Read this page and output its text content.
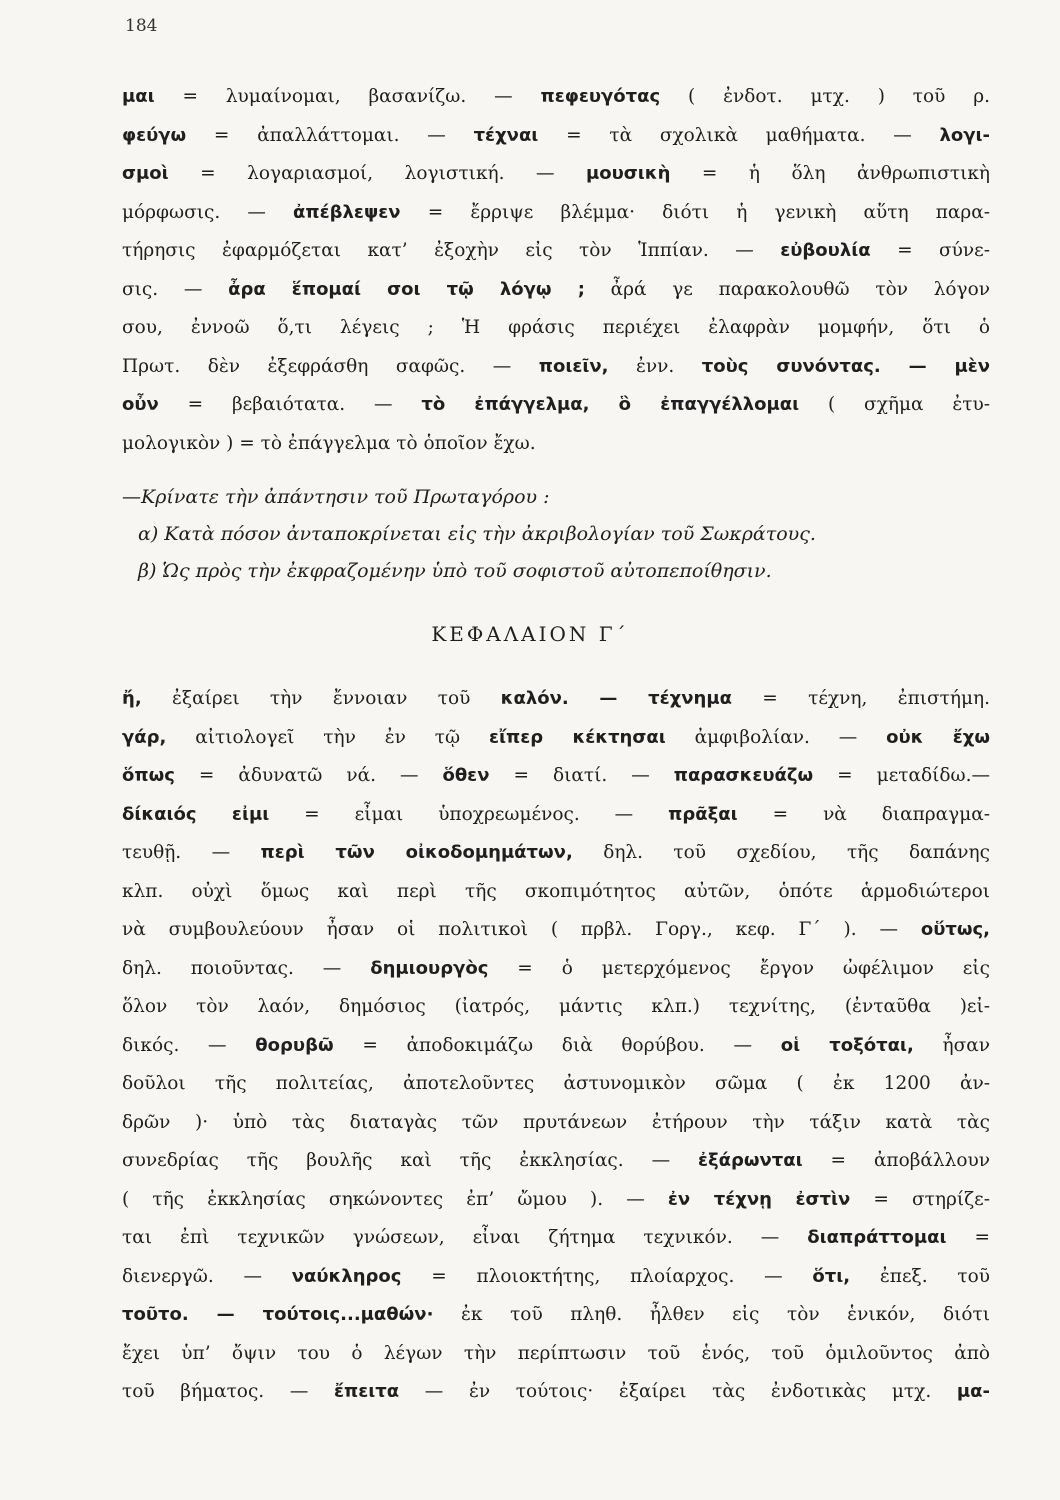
184
μαι = λυμαίνομαι, βασανίζω. — πεφευγότας ( ἐνδοτ. μτχ. ) τοῦ ρ.
φεύγω = ἀπαλλάττομαι. — τέχναι = τὰ σχολικὰ μαθήματα. — λογι-
σμοὶ = λογαριασμοί, λογιστική. — μουσικὴ = ἡ ὅλη ἀνθρωπιστικὴ
μόρφωσις. — ἀπέβλεψεν = ἔρριψε βλέμμα· διότι ἡ γενικὴ αὕτη παρα-
τήρησις ἐφαρμόζεται κατ’ ἐξοχὴν εἰς τὸν Ἱππίαν. — εὐβουλία = σύνε-
σις. — ἆρα ἕπομαί σοι τῷ λόγῳ ; ἆρά γε παρακολουθῶ τὸν λόγον
σου, ἐννοῶ ὅ,τι λέγεις ; Ἡ φράσις περιέχει ἐλαφρὰν μομφήν, ὅτι ὁ
Πρωτ. δὲν ἐξεφράσθη σαφῶς. — ποιεῖν, ἐνν. τοὺς συνόντας. — μὲν
οὖν = βεβαιότατα. — τὸ ἐπάγγελμα, ὃ ἐπαγγέλλομαι ( σχῆμα ἐτυ-
μολογικὸν ) = τὸ ἐπάγγελμα τὸ ὁποῖον ἔχω.
—Κρίνατε τὴν ἀπάντησιν τοῦ Πρωταγόρου :
α) Κατὰ πόσον ἀνταποκρίνεται εἰς τὴν ἀκριβολογίαν τοῦ Σωκράτους.
β) Ὡς πρὸς τὴν ἐκφραζομένην ὑπὸ τοῦ σοφιστοῦ αὐτοπεποίθησιν.
ΚΕΦΑΛΑΙΟΝ Γ΄
ἤ, ἐξαίρει τὴν ἔννοιαν τοῦ καλόν. — τέχνημα = τέχνη, ἐπιστήμη.
γάρ, αἰτιολογεῖ τὴν ἐν τῷ εἴπερ κέκτησαι ἀμφιβολίαν. — οὐκ ἔχω
ὅπως = ἀδυνατῶ νά. — ὅθεν = διατί. — παρασκευάζω = μεταδίδω.—
δίκαιός εἰμι = εἶμαι ὑποχρεωμένος. — πρᾶξαι = νὰ διαπραγμα-
τευθῇ. — περὶ τῶν οἰκοδομημάτων, δηλ. τοῦ σχεδίου, τῆς δαπάνης
κλπ. οὐχὶ ὅμως καὶ περὶ τῆς σκοπιμότητος αὐτῶν, ὁπότε ἁρμοδιώτεροι
νὰ συμβουλεύουν ἦσαν οἱ πολιτικοὶ ( πρβλ. Γοργ., κεφ. Γ΄ ). — οὕτως,
δηλ. ποιοῦντας. — δημιουργὸς = ὁ μετερχόμενος ἔργον ὠφέλιμον εἰς
ὅλον τὸν λαόν, δημόσιος (ἰατρός, μάντις κλπ.) τεχνίτης, (ἐνταῦθα )εἰ-
δικός. — θορυβῶ = ἀποδοκιμάζω διὰ θορύβου. — οἱ τοξόται, ἦσαν
δοῦλοι τῆς πολιτείας, ἀποτελοῦντες ἀστυνομικὸν σῶμα ( ἐκ 1200 ἀν-
δρῶν )· ὑπὸ τὰς διαταγὰς τῶν πρυτάνεων ἐτήρουν τὴν τάξιν κατὰ τὰς
συνεδρίας τῆς βουλῆς καὶ τῆς ἐκκλησίας. — ἐξάρωνται = ἀποβάλλουν
( τῆς ἐκκλησίας σηκώνοντες ἐπ’ ὤμου ). — ἐν τέχνῃ ἐστὶν = στηρίζε-
ται ἐπὶ τεχνικῶν γνώσεων, εἶναι ζήτημα τεχνικόν. — διαπράττομαι =
διενεργῶ. — ναύκληρος = πλοιοκτήτης, πλοίαρχος. — ὅτι, ἐπεξ. τοῦ
τοῦτο. — τούτοις...μαθών· ἐκ τοῦ πληθ. ἦλθεν εἰς τὸν ἑνικόν, διότι
ἔχει ὑπ’ ὄψιν του ὁ λέγων τὴν περίπτωσιν τοῦ ἑνός, τοῦ ὁμιλοῦντος ἀπὸ
τοῦ βήματος. — ἔπειτα — ἐν τούτοις· ἐξαίρει τὰς ἐνδοτικὰς μτχ. μα-
